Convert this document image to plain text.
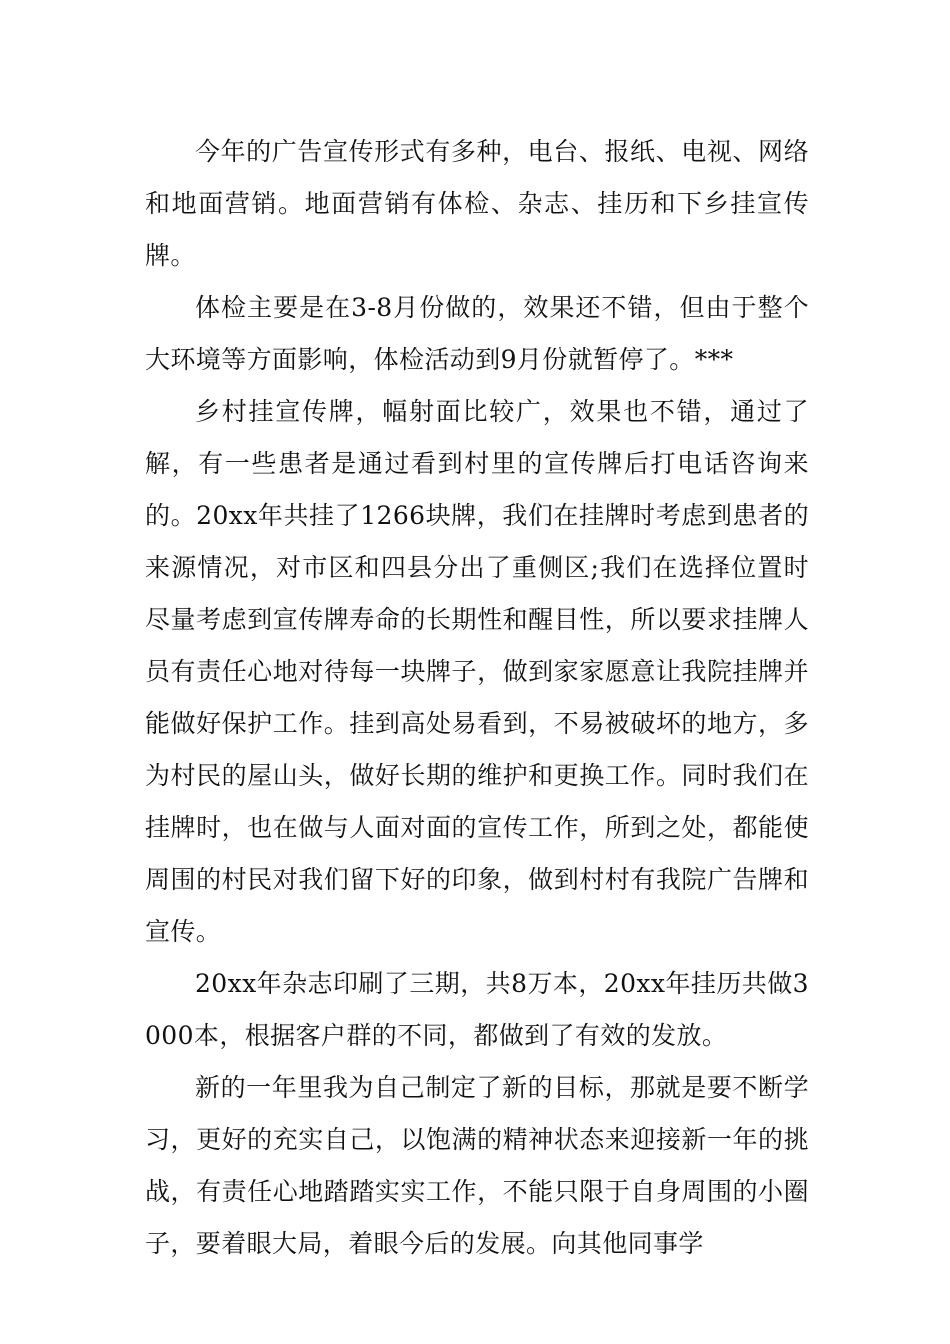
今年的广告宣传形式有多种，电台、报纸、电视、网络和地面营销。地面营销有体检、杂志、挂历和下乡挂宣传牌。

体检主要是在3-8月份做的，效果还不错，但由于整个大环境等方面影响，体检活动到9月份就暂停了。***

乡村挂宣传牌，幅射面比较广，效果也不错，通过了解，有一些患者是通过看到村里的宣传牌后打电话咨询来的。20xx年共挂了1266块牌，我们在挂牌时考虑到患者的来源情况，对市区和四县分出了重侧区;我们在选择位置时尽量考虑到宣传牌寿命的长期性和醒目性，所以要求挂牌人员有责任心地对待每一块牌子，做到家家愿意让我院挂牌并能做好保护工作。挂到高处易看到，不易被破坏的地方，多为村民的屋山头，做好长期的维护和更换工作。同时我们在挂牌时，也在做与人面对面的宣传工作，所到之处，都能使周围的村民对我们留下好的印象，做到村村有我院广告牌和宣传。

20xx年杂志印刷了三期，共8万本，20xx年挂历共做3000本，根据客户群的不同，都做到了有效的发放。

新的一年里我为自己制定了新的目标，那就是要不断学习，更好的充实自己，以饱满的精神状态来迎接新一年的挑战，有责任心地踏踏实实工作，不能只限于自身周围的小圈子，要着眼大局，着眼今后的发展。向其他同事学
